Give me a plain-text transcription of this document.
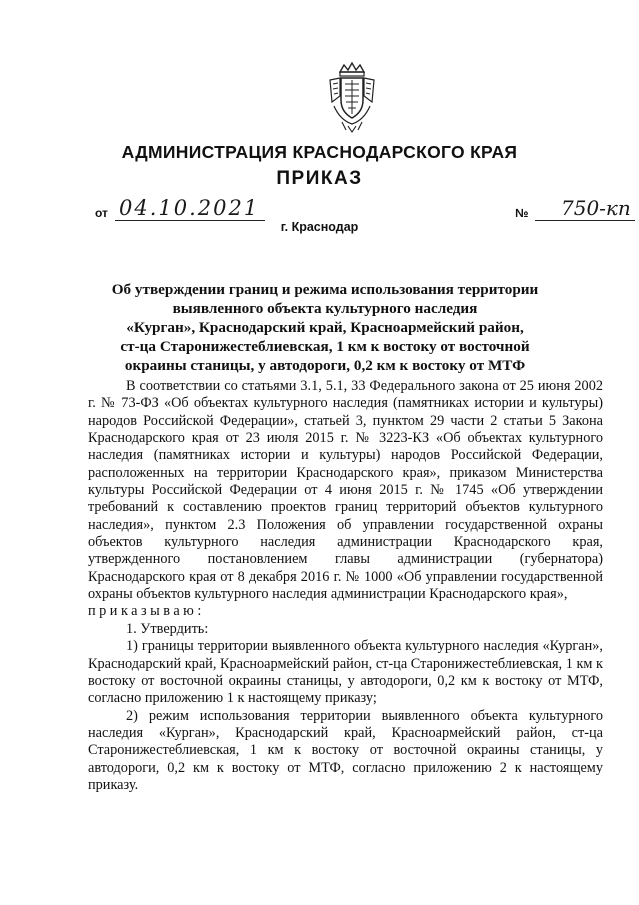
АДМИНИСТРАЦИЯ КРАСНОДАРСКОГО КРАЯ
ПРИКАЗ
от 04.10.2021	№ 750-кп
г. Краснодар
Об утверждении границ и режима использования территории
выявленного объекта культурного наследия
«Курган», Краснодарский край, Красноармейский район,
ст-ца Старонижестеблиевская, 1 км к востоку от восточной
окраины станицы, у автодороги, 0,2 км к востоку от МТФ

В соответствии со статьями 3.1, 5.1, 33 Федерального закона от 25 июня 2002 г. № 73-ФЗ «Об объектах культурного наследия (памятниках истории и культуры) народов Российской Федерации», статьей 3, пунктом 29 части 2 статьи 5 Закона Краснодарского края от 23 июля 2015 г. № 3223-КЗ «Об объектах культурного наследия (памятниках истории и культуры) народов Российской Федерации, расположенных на территории Краснодарского края», приказом Министерства культуры Российской Федерации от 4 июня 2015 г. № 1745 «Об утверждении требований к составлению проектов границ территорий объектов культурного наследия», пунктом 2.3 Положения об управлении государственной охраны объектов культурного наследия администрации Краснодарского края, утвержденного постановлением главы администрации (губернатора) Краснодарского края от 8 декабря 2016 г. № 1000 «Об управлении государственной охраны объектов культурного наследия администрации Краснодарского края»,

приказываю:

1. Утвердить:

1) границы территории выявленного объекта культурного наследия «Курган», Краснодарский край, Красноармейский район, ст-ца Старонижестеблиевская, 1 км к востоку от восточной окраины станицы, у автодороги, 0,2 км к востоку от МТФ, согласно приложению 1 к настоящему приказу;

2) режим использования территории выявленного объекта культурного наследия «Курган», Краснодарский край, Красноармейский район, ст-ца Старонижестеблиевская, 1 км к востоку от восточной окраины станицы, у автодороги, 0,2 км к востоку от МТФ, согласно приложению 2 к настоящему приказу.
